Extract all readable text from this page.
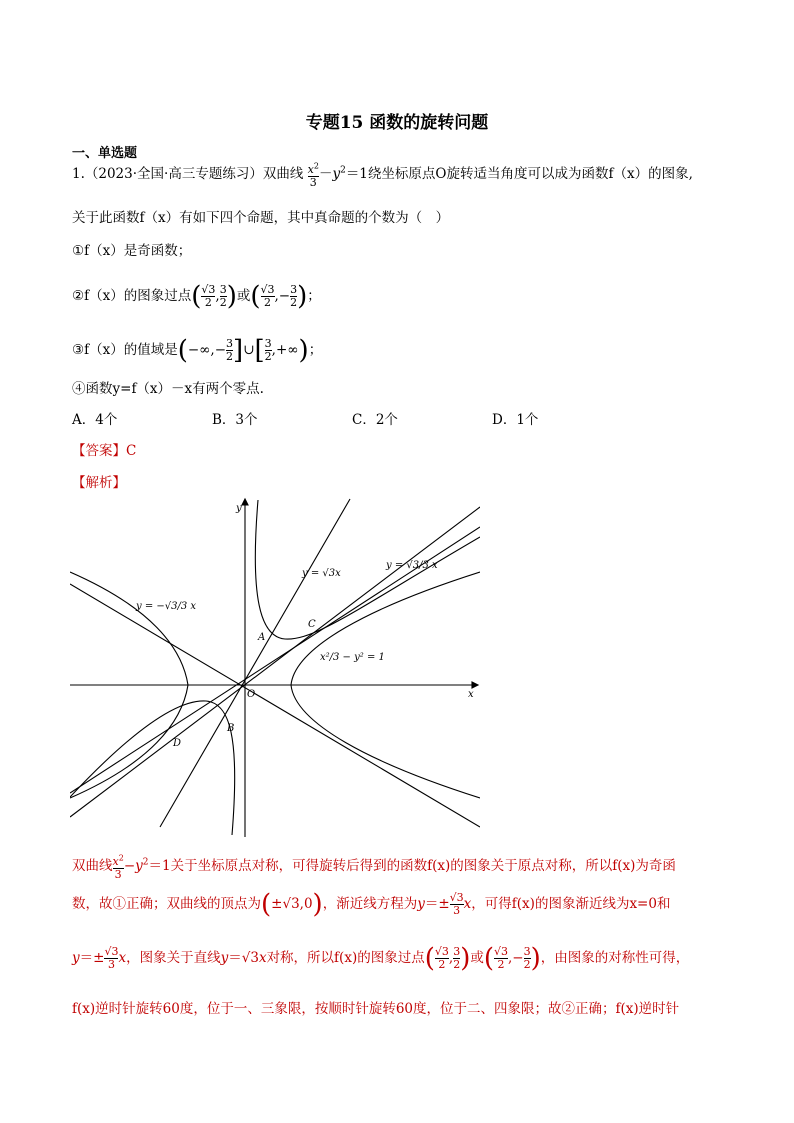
专题15 函数的旋转问题
一、单选题
1.（2023·全国·高三专题练习）双曲线 $\frac{x^2}{3} -y^2=1$绕坐标原点O旋转适当角度可以成为函数f（x）的图象,
关于此函数f（x）有如下四个命题，其中真命题的个数为（　）
①f（x）是奇函数；
②f（x）的图象过点($\frac{√3}{2} ,\frac{3}{2}$ )或($\frac{√3}{2} ,-\frac{3}{2}$ )；
③f（x）的值域是($-\infty,-\frac{3}{2}$ ]$\cup[\frac{3}{2}$ ,+∞)；
④函数y=f（x）－x有两个零点.
A．4个	B．3个	C．2个	D．1个
【答案】C
【解析】
y
x
O
A
B
C
D
y = √3x
y = √3/3 x
y = −√3/3 x
x²/3 − y² = 1
双曲线$\frac{x^2}{3} -y^2=1$关于坐标原点对称，可得旋转后得到的函数f(x)的图象关于原点对称，所以f(x)为奇函
数，故①正确；双曲线的顶点为(±√3,0)，渐近线方程为$y=\pm\frac{√3}{3}$ x，可得f(x)的图象渐近线为x=0和
$y=\pm\frac{√3}{3}$ x，图象关于直线y＝√3x对称，所以f(x)的图象过点($\frac{√3}{2} ,\frac{3}{2}$ )或($\frac{√3}{2} ,-\frac{3}{2}$ )，由图象的对称性可得，
f(x)逆时针旋转60度，位于一、三象限，按顺时针旋转60度，位于二、四象限；故②正确；f(x)逆时针
